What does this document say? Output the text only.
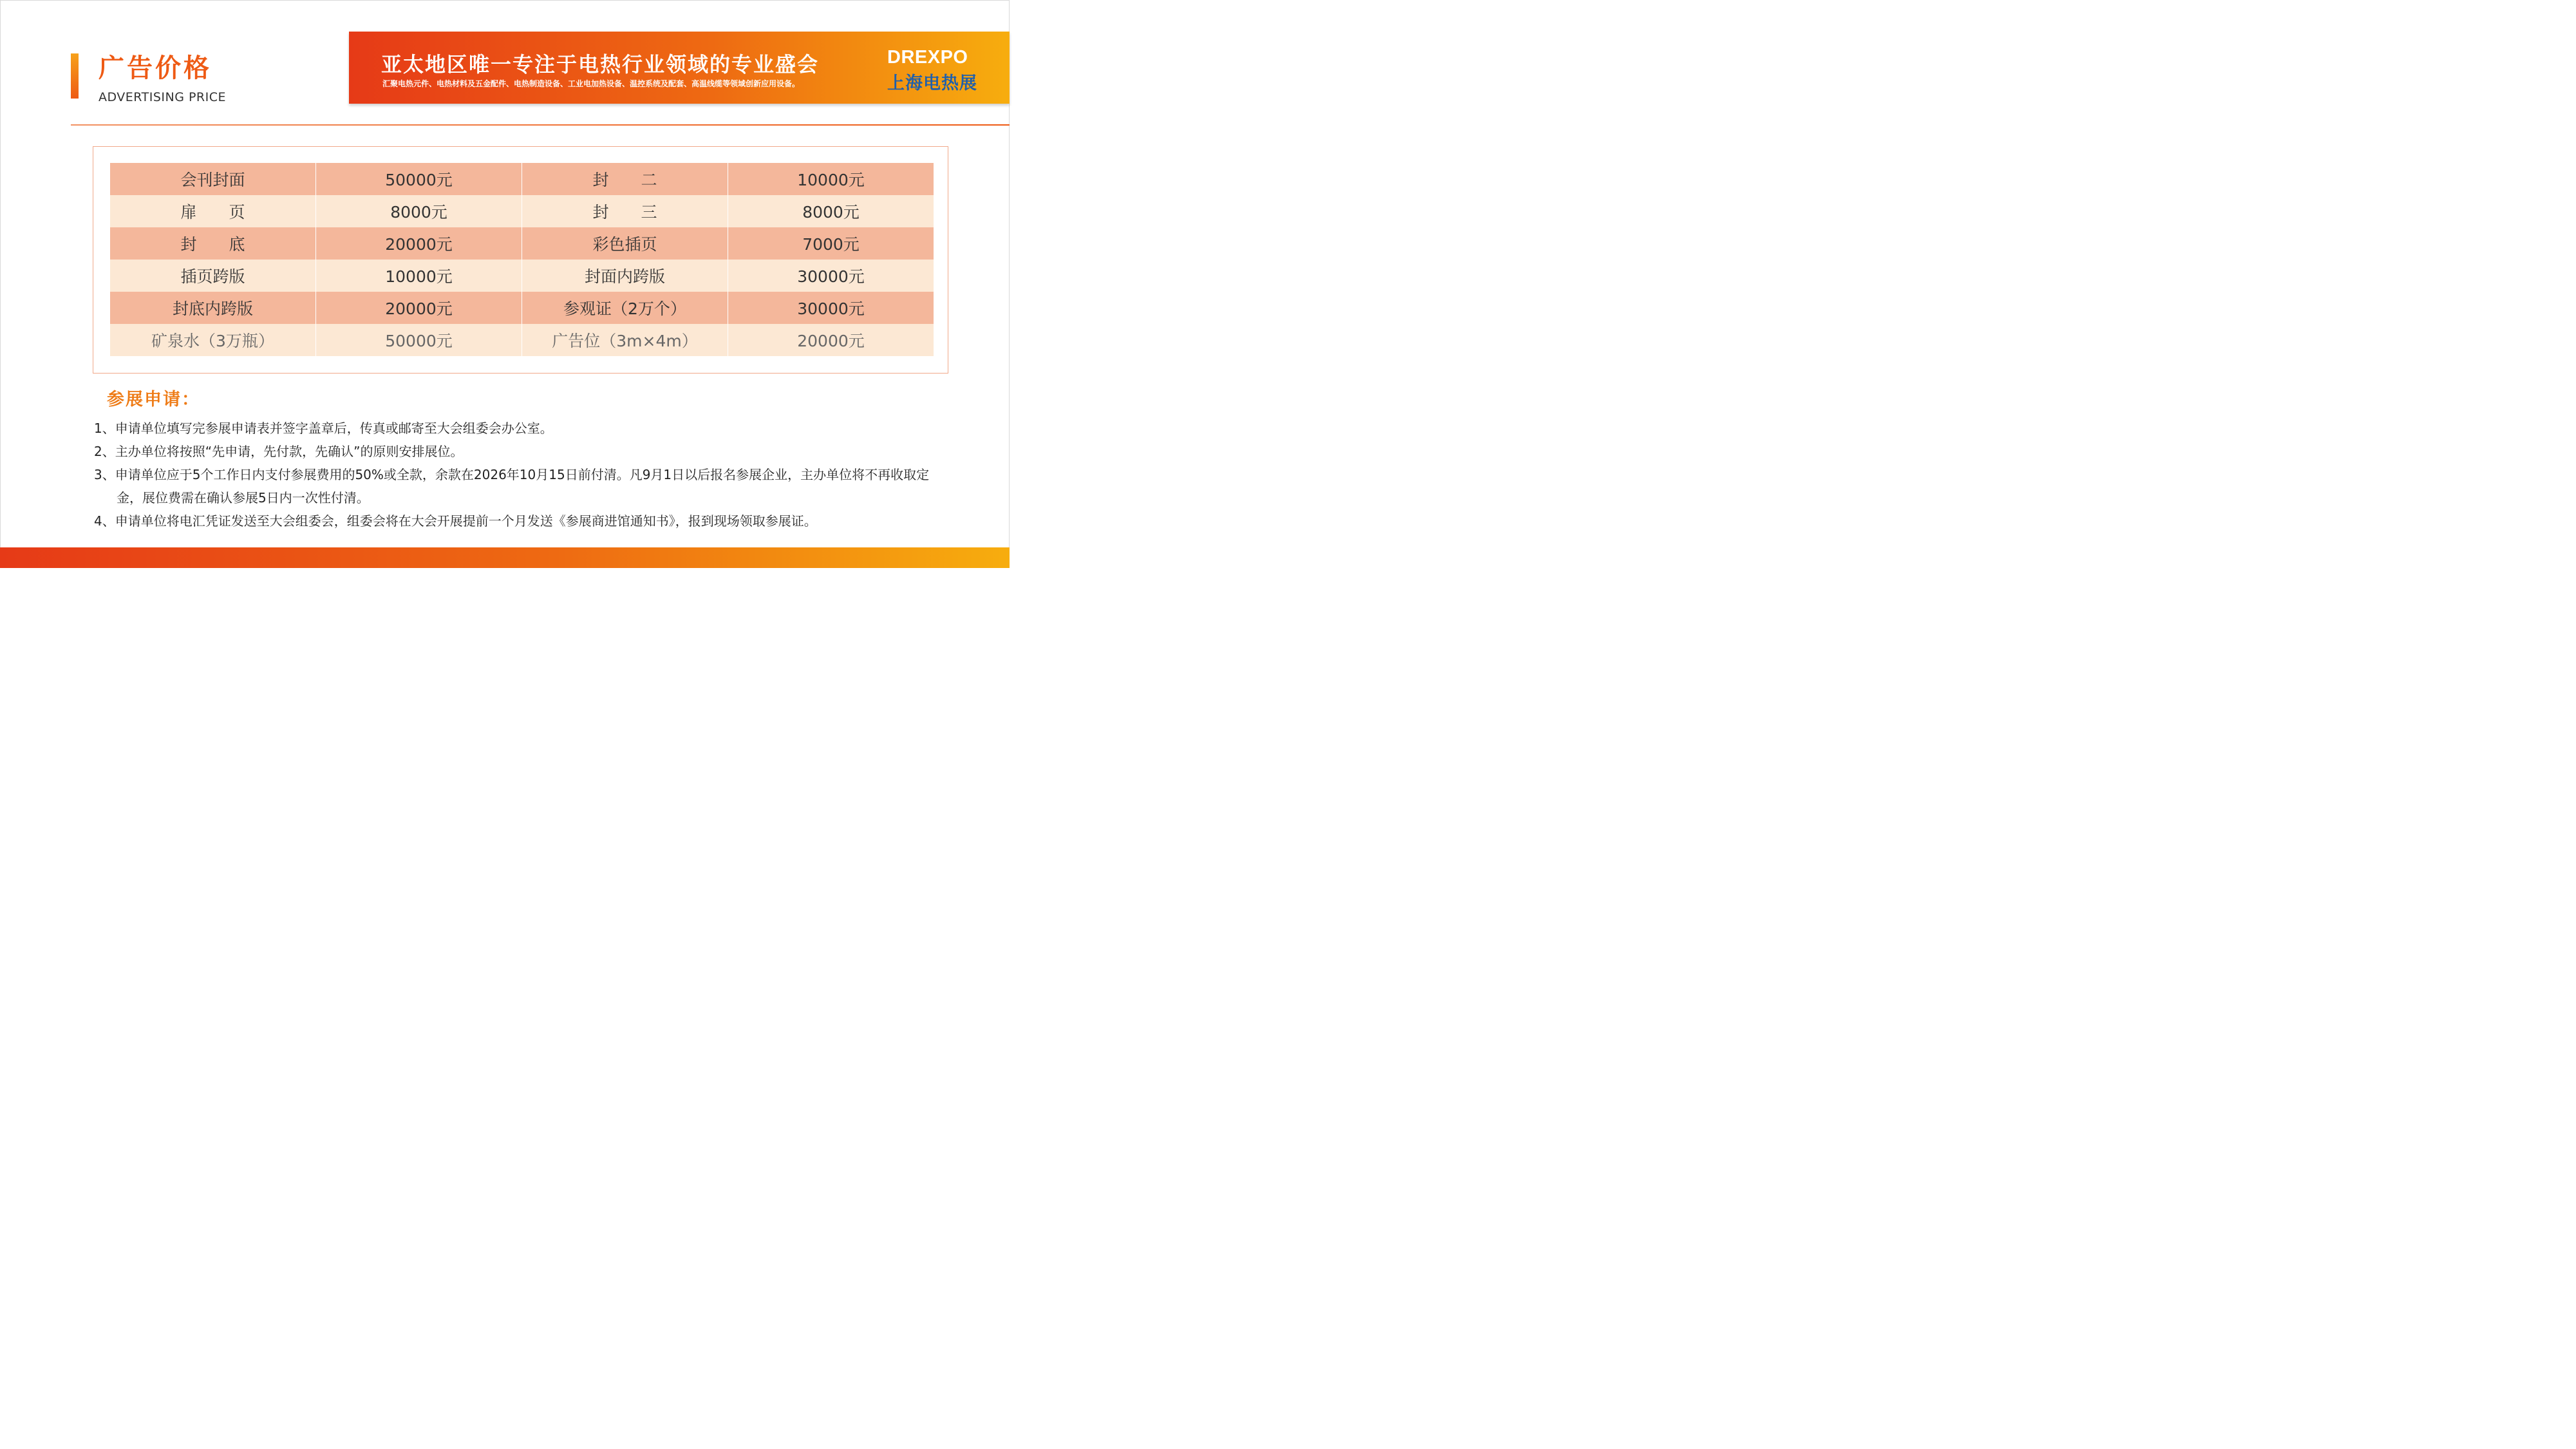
广告价格
ADVERTISING PRICE
亚太地区唯一专注于电热行业领域的专业盛会
汇聚电热元件、电热材料及五金配件、电热制造设备、工业电加热设备、温控系统及配套、高温线缆等领域创新应用设备。
DREXPO
上海电热展
会刊封面	50000元	封　　二	10000元
扉　　页	8000元	封　　三	8000元
封　　底	20000元	彩色插页	7000元
插页跨版	10000元	封面内跨版	30000元
封底内跨版	20000元	参观证（2万个）	30000元
矿泉水（3万瓶）	50000元	广告位（3m×4m）	20000元
参展申请：

1、申请单位填写完参展申请表并签字盖章后，传真或邮寄至大会组委会办公室。

2、主办单位将按照“先申请，先付款，先确认”的原则安排展位。

3、申请单位应于5个工作日内支付参展费用的50%或全款，余款在2026年10月15日前付清。凡9月1日以后报名参展企业，主办单位将不再收取定金，展位费需在确认参展5日内一次性付清。

4、申请单位将电汇凭证发送至大会组委会，组委会将在大会开展提前一个月发送《参展商进馆通知书》，报到现场领取参展证。
